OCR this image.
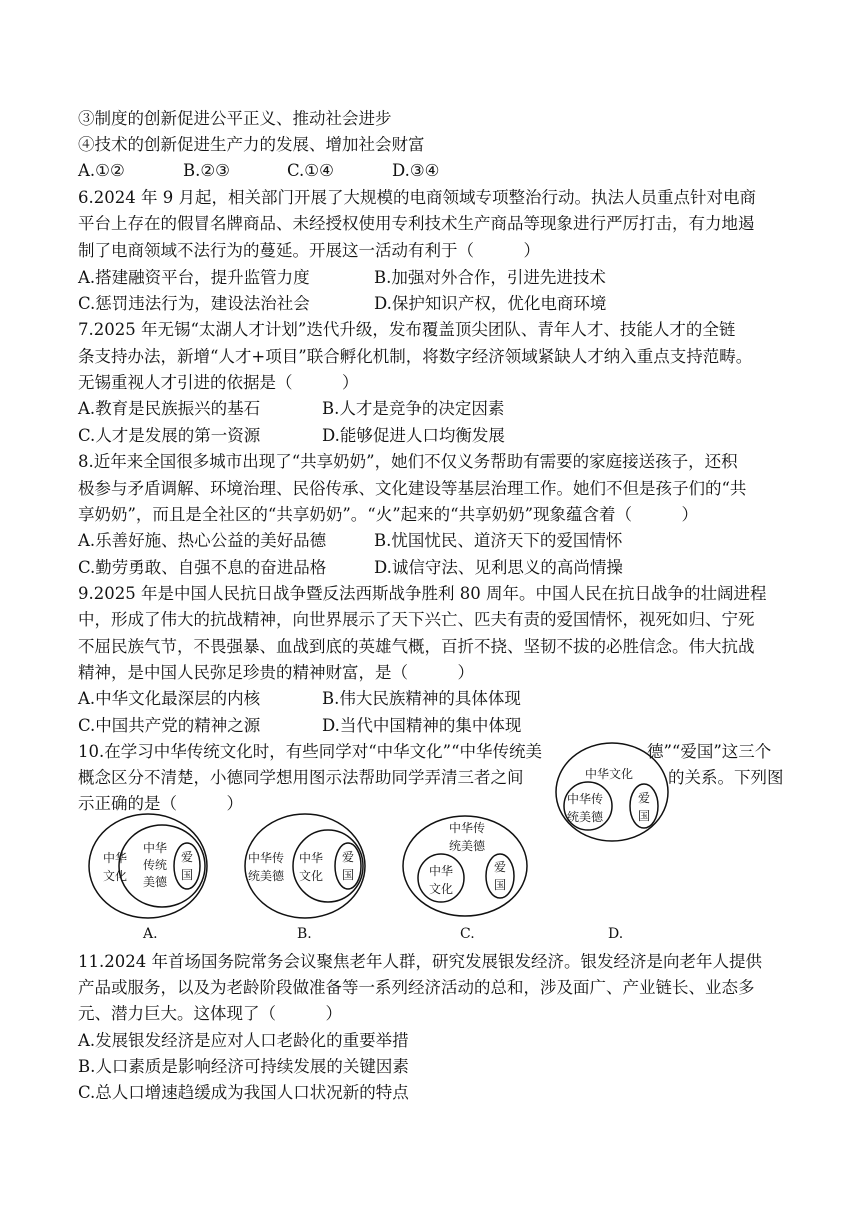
③制度的创新促进公平正义、推动社会进步
④技术的创新促进生产力的发展、增加社会财富
A.①②	B.②③	C.①④	D.③④
6.2024 年 9 月起，相关部门开展了大规模的电商领域专项整治行动。执法人员重点针对电商
平台上存在的假冒名牌商品、未经授权使用专利技术生产商品等现象进行严厉打击，有力地遏
制了电商领域不法行为的蔓延。开展这一活动有利于（　　　）
A.搭建融资平台，提升监管力度	B.加强对外合作，引进先进技术
C.惩罚违法行为，建设法治社会	D.保护知识产权，优化电商环境
7.2025 年无锡“太湖人才计划”迭代升级，发布覆盖顶尖团队、青年人才、技能人才的全链
条支持办法，新增“人才+项目”联合孵化机制，将数字经济领域紧缺人才纳入重点支持范畴。
无锡重视人才引进的依据是（　　　）
A.教育是民族振兴的基石	B.人才是竞争的决定因素
C.人才是发展的第一资源	D.能够促进人口均衡发展
8.近年来全国很多城市出现了“共享奶奶”，她们不仅义务帮助有需要的家庭接送孩子，还积
极参与矛盾调解、环境治理、民俗传承、文化建设等基层治理工作。她们不但是孩子们的“共
享奶奶”，而且是全社区的“共享奶奶”。“火”起来的“共享奶奶”现象蕴含着（　　　）
A.乐善好施、热心公益的美好品德	B.忧国忧民、道济天下的爱国情怀
C.勤劳勇敢、自强不息的奋进品格	D.诚信守法、见利思义的高尚情操
9.2025 年是中国人民抗日战争暨反法西斯战争胜利 80 周年。中国人民在抗日战争的壮阔进程
中，形成了伟大的抗战精神，向世界展示了天下兴亡、匹夫有责的爱国情怀，视死如归、宁死
不屈民族气节，不畏强暴、血战到底的英雄气概，百折不挠、坚韧不拔的必胜信念。伟大抗战
精神，是中国人民弥足珍贵的精神财富，是（　　　）
A.中华文化最深层的内核	B.伟大民族精神的具体体现
C.中国共产党的精神之源	D.当代中国精神的集中体现
10.在学习中华传统文化时，有些同学对“中华文化”“中华传统美	德”“爱国”这三个
概念区分不清楚，小德同学想用图示法帮助同学弄清三者之间	的关系。下列图
示正确的是（　　　）
中华
文化
中华
传统
美德
爱
国
中华传
统美德
中华
文化
爱
国
中华传
统美德
中华
文化
爱
国
中华文化
中华传
统美德
爱
国
A.	B.	C.	D.
11.2024 年首场国务院常务会议聚焦老年人群，研究发展银发经济。银发经济是向老年人提供
产品或服务，以及为老龄阶段做准备等一系列经济活动的总和，涉及面广、产业链长、业态多
元、潜力巨大。这体现了（　　　）
A.发展银发经济是应对人口老龄化的重要举措
B.人口素质是影响经济可持续发展的关键因素
C.总人口增速趋缓成为我国人口状况新的特点
